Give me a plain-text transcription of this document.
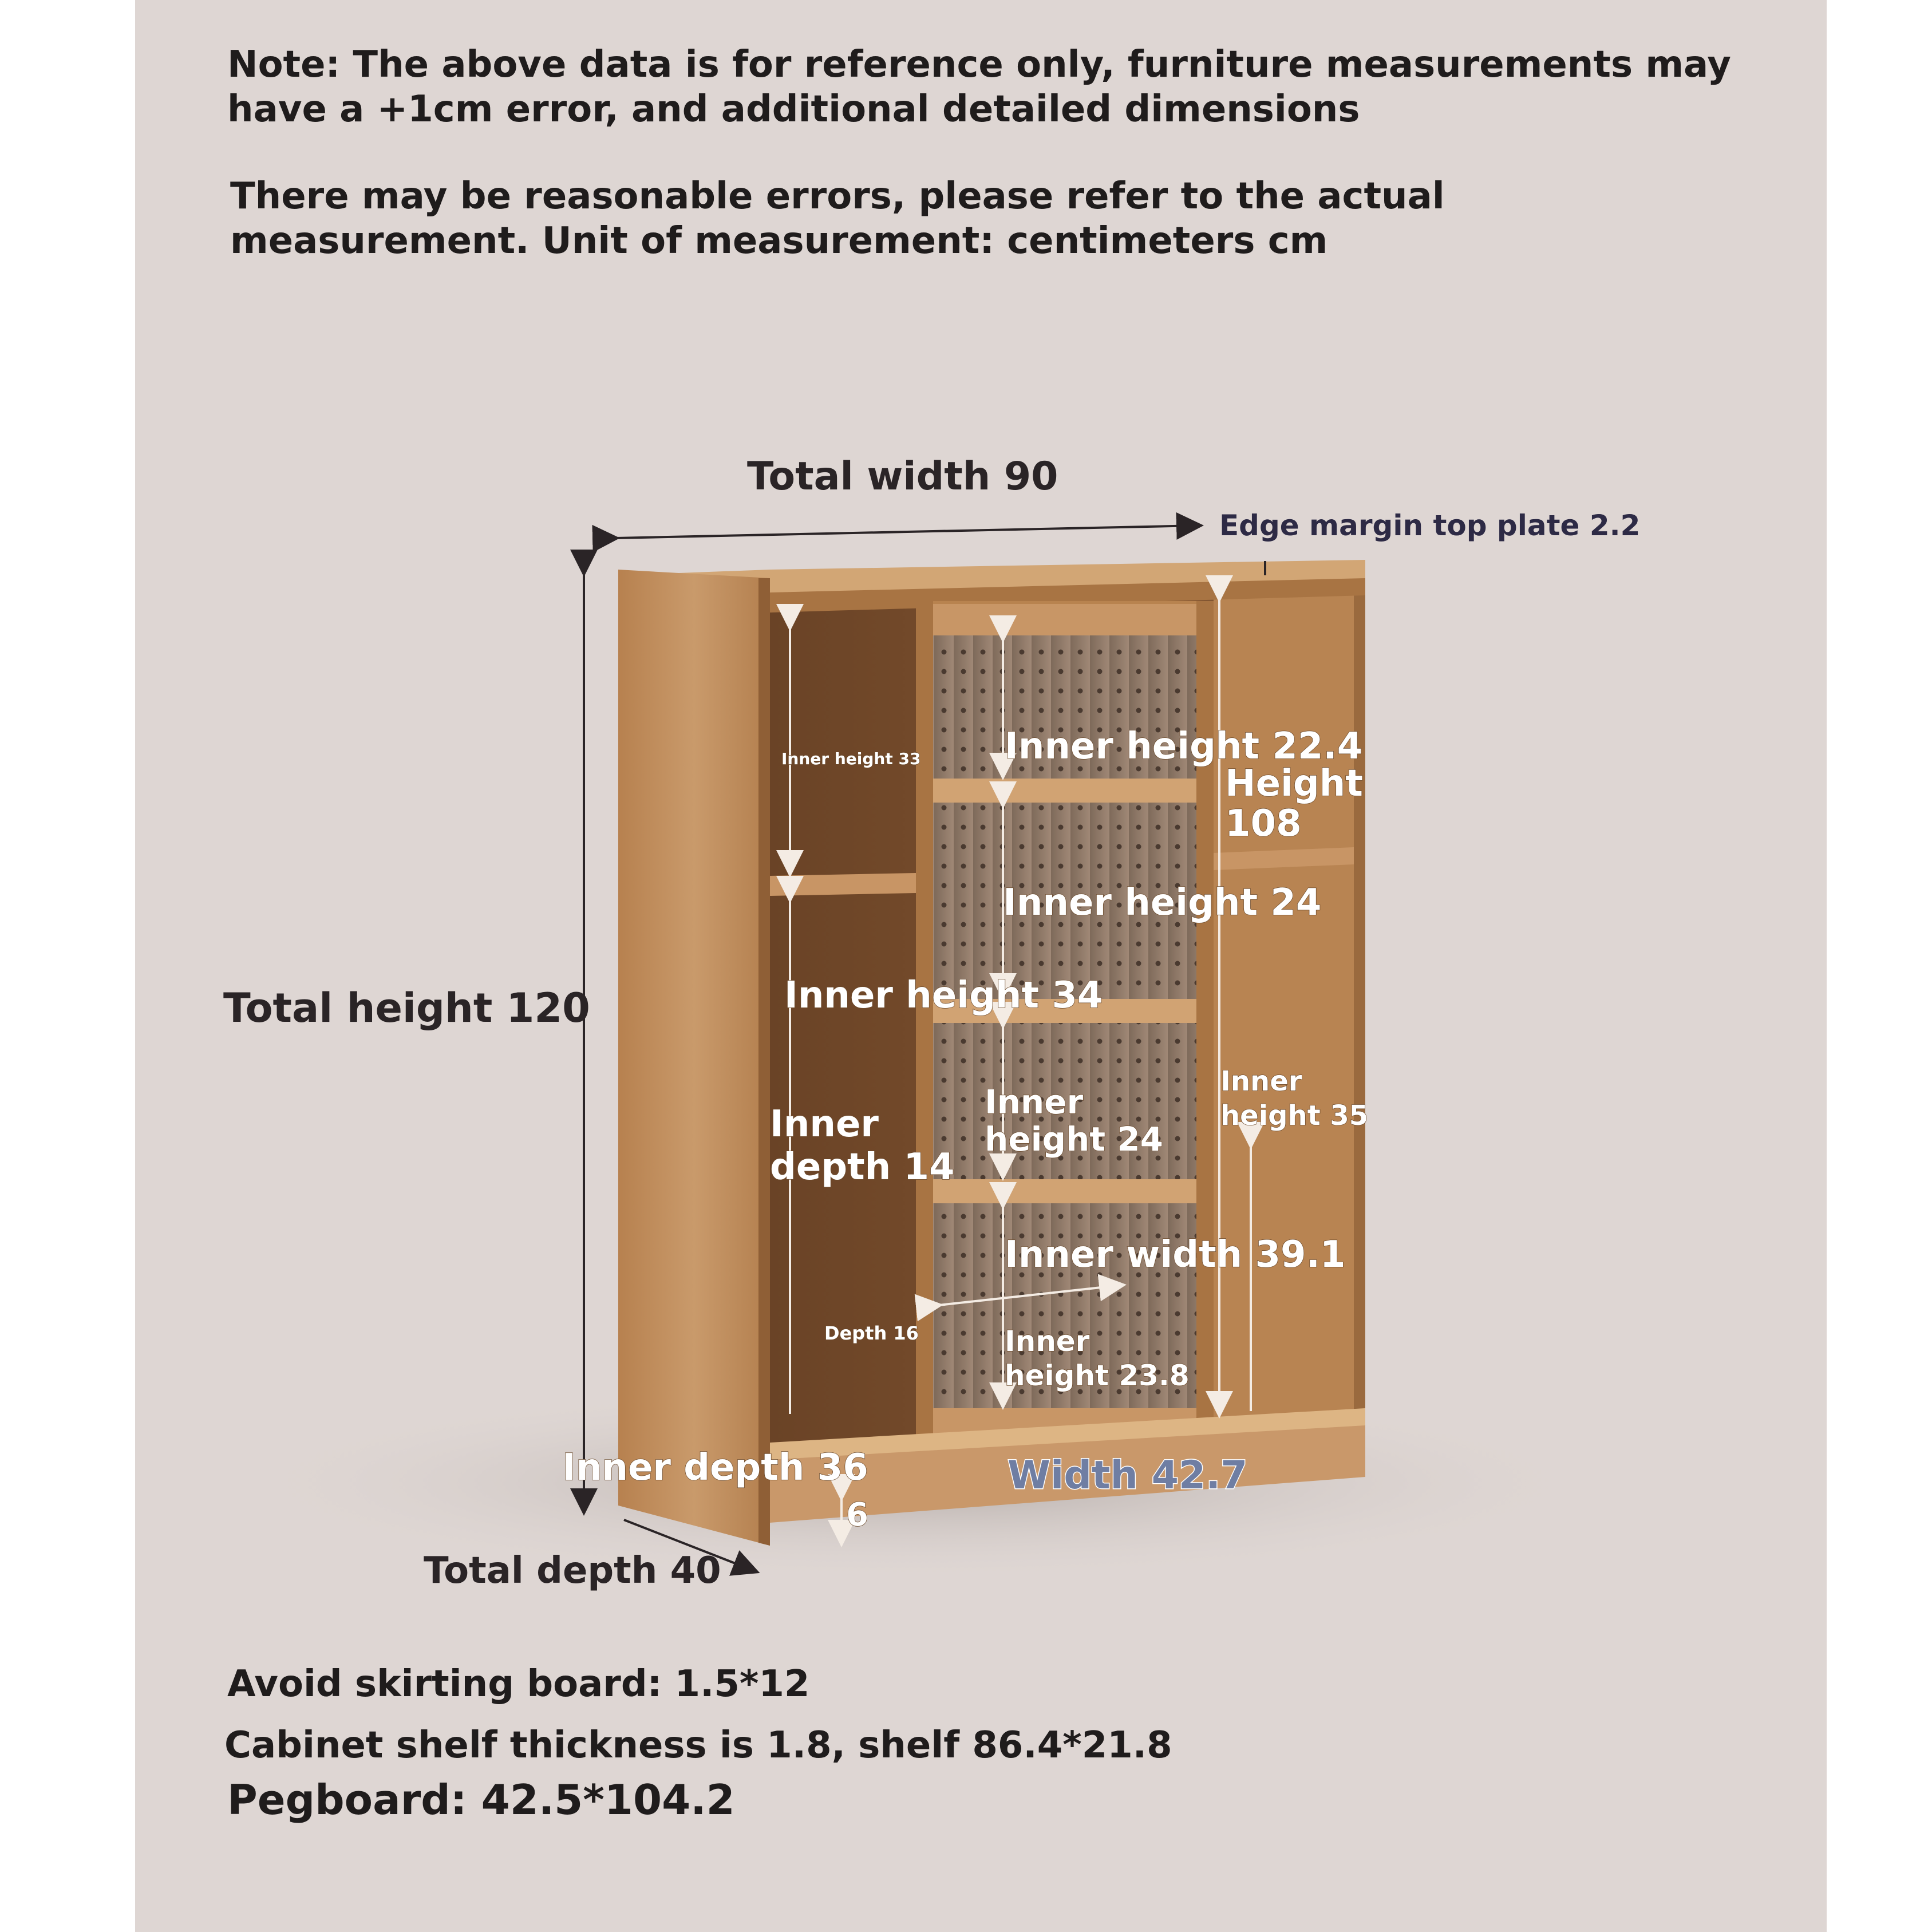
Note: The above data is for reference only, furniture measurements may have a +1cm error, and additional detailed dimensions

There may be reasonable errors, please refer to the actual measurement. Unit of measurement: centimeters cm

Total width 90
Edge margin top plate 2.2
Total height 120
Total depth 40
Inner height 33 Inner height 22.4
Height
108
Inner height 24
Inner height 34
Inner
depth 14
Inner
height 24
Inner
height 35
Inner width 39.1
Depth 16	Inner
height 23.8
Inner depth 36	Width 42.7
6
Avoid skirting board: 1.5*12
Cabinet shelf thickness is 1.8, shelf 86.4*21.8
Pegboard: 42.5*104.2
